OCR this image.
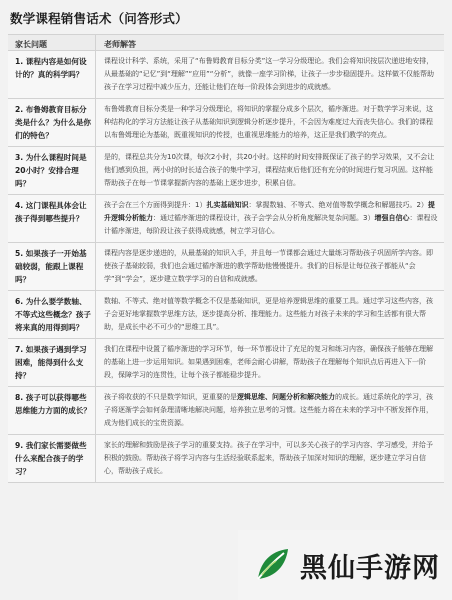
数学课程销售话术（问答形式）
家长问题	老师解答
1. 课程内容是如何设计的？真的科学吗？
课程设计科学、系统，采用了“布鲁姆教育目标分类”这一学习分级理论。我们会将知识按层次递进地安排，从最基础的“记忆”到“理解”“应用”“分析”，就像一座学习阶梯，让孩子一步步稳固提升。这样做不仅能帮助孩子在学习过程中减少压力，还能让他们在每一阶段体会到进步的成就感。
2. 布鲁姆教育目标分类是什么？为什么是你们的特色？
布鲁姆教育目标分类是一种学习分级理论，将知识的掌握分成多个层次，循序渐进。对于数学学习来说，这种结构化的学习方法能让孩子从基础知识到逻辑分析逐步提升，不会因为难度过大而丧失信心。我们的课程以布鲁姆理论为基础，既重视知识的传授，也重视思维能力的培养，这正是我们教学的亮点。
3. 为什么课程时间是20小时？安排合理吗？
是的，课程总共分为10次课，每次2小时，共20小时。这样的时间安排既保证了孩子的学习效果，又不会让他们感到负担，两小时的时长适合孩子的集中学习，课程结束后他们还有充分的时间进行复习巩固。这样能帮助孩子在每一节课掌握新内容的基础上逐步进步，积累自信。
4. 这门课程具体会让孩子得到哪些提升？
孩子会在三个方面得到提升：1）扎实基础知识：掌握数轴、不等式、绝对值等数学概念和解题技巧。2）提升逻辑分析能力：通过循序渐进的课程设计，孩子会学会从分析角度解决复杂问题。3）增强自信心：课程设计循序渐进，每阶段让孩子获得成就感，树立学习信心。
5. 如果孩子一开始基础较弱，能跟上课程吗？
课程内容是逐步递进的，从最基础的知识入手，并且每一节课都会通过大量练习帮助孩子巩固所学内容。即使孩子基础较弱，我们也会通过循序渐进的教学帮助他慢慢提升。我们的目标是让每位孩子都能从“会学”到“学会”，逐步建立数学学习的自信和成就感。
6. 为什么要学数轴、不等式这些概念？孩子将来真的用得到吗？
数轴、不等式、绝对值等数学概念不仅是基础知识，更是培养逻辑思维的重要工具。通过学习这些内容，孩子会更好地掌握数学思维方法，逐步提高分析、推理能力。这些能力对孩子未来的学习和生活都有很大帮助，是成长中必不可少的“思维工具”。
7. 如果孩子遇到学习困难，能得到什么支持？
我们在课程中设置了循序渐进的学习环节，每一环节都设计了充足的复习和练习内容，确保孩子能够在理解的基础上进一步运用知识。如果遇到困难，老师会耐心讲解，帮助孩子在理解每个知识点后再进入下一阶段，保障学习的连贯性，让每个孩子都能稳步提升。
8. 孩子可以获得哪些思维能力方面的成长？
孩子将收获的不只是数学知识，更重要的是逻辑思维、问题分析和解决能力的成长。通过系统化的学习，孩子将逐渐学会如何条理清晰地解决问题，培养独立思考的习惯。这些能力将在未来的学习中不断发挥作用，成为他们成长的宝贵资源。
9. 我们家长需要做些什么来配合孩子的学习？
家长的理解和鼓励是孩子学习的重要支持。孩子在学习中，可以多关心孩子的学习内容、学习感受，并给予积极的鼓励。帮助孩子将学习内容与生活经验联系起来，帮助孩子加深对知识的理解，逐步建立学习自信心，帮助孩子成长。
黑仙手游网
